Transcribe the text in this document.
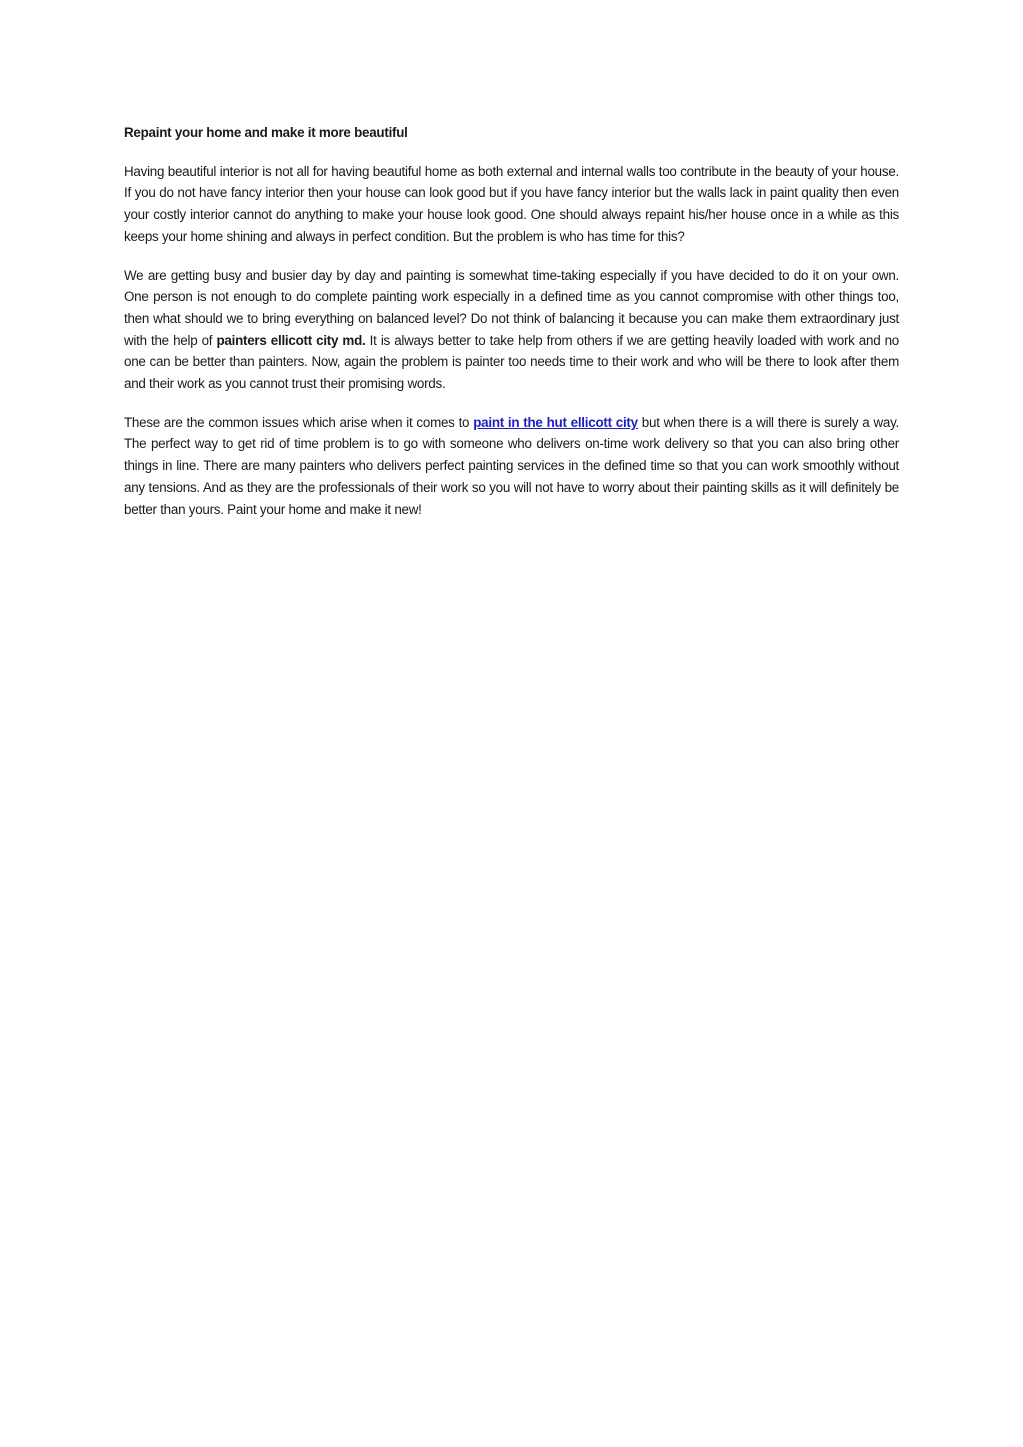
Repaint your home and make it more beautiful

Having beautiful interior is not all for having beautiful home as both external and internal walls too contribute in the beauty of your house. If you do not have fancy interior then your house can look good but if you have fancy interior but the walls lack in paint quality then even your costly interior cannot do anything to make your house look good. One should always repaint his/her house once in a while as this keeps your home shining and always in perfect condition. But the problem is who has time for this?

We are getting busy and busier day by day and painting is somewhat time-taking especially if you have decided to do it on your own. One person is not enough to do complete painting work especially in a defined time as you cannot compromise with other things too, then what should we to bring everything on balanced level? Do not think of balancing it because you can make them extraordinary just with the help of painters ellicott city md. It is always better to take help from others if we are getting heavily loaded with work and no one can be better than painters. Now, again the problem is painter too needs time to their work and who will be there to look after them and their work as you cannot trust their promising words.

These are the common issues which arise when it comes to paint in the hut ellicott city but when there is a will there is surely a way. The perfect way to get rid of time problem is to go with someone who delivers on-time work delivery so that you can also bring other things in line. There are many painters who delivers perfect painting services in the defined time so that you can work smoothly without any tensions. And as they are the professionals of their work so you will not have to worry about their painting skills as it will definitely be better than yours. Paint your home and make it new!
